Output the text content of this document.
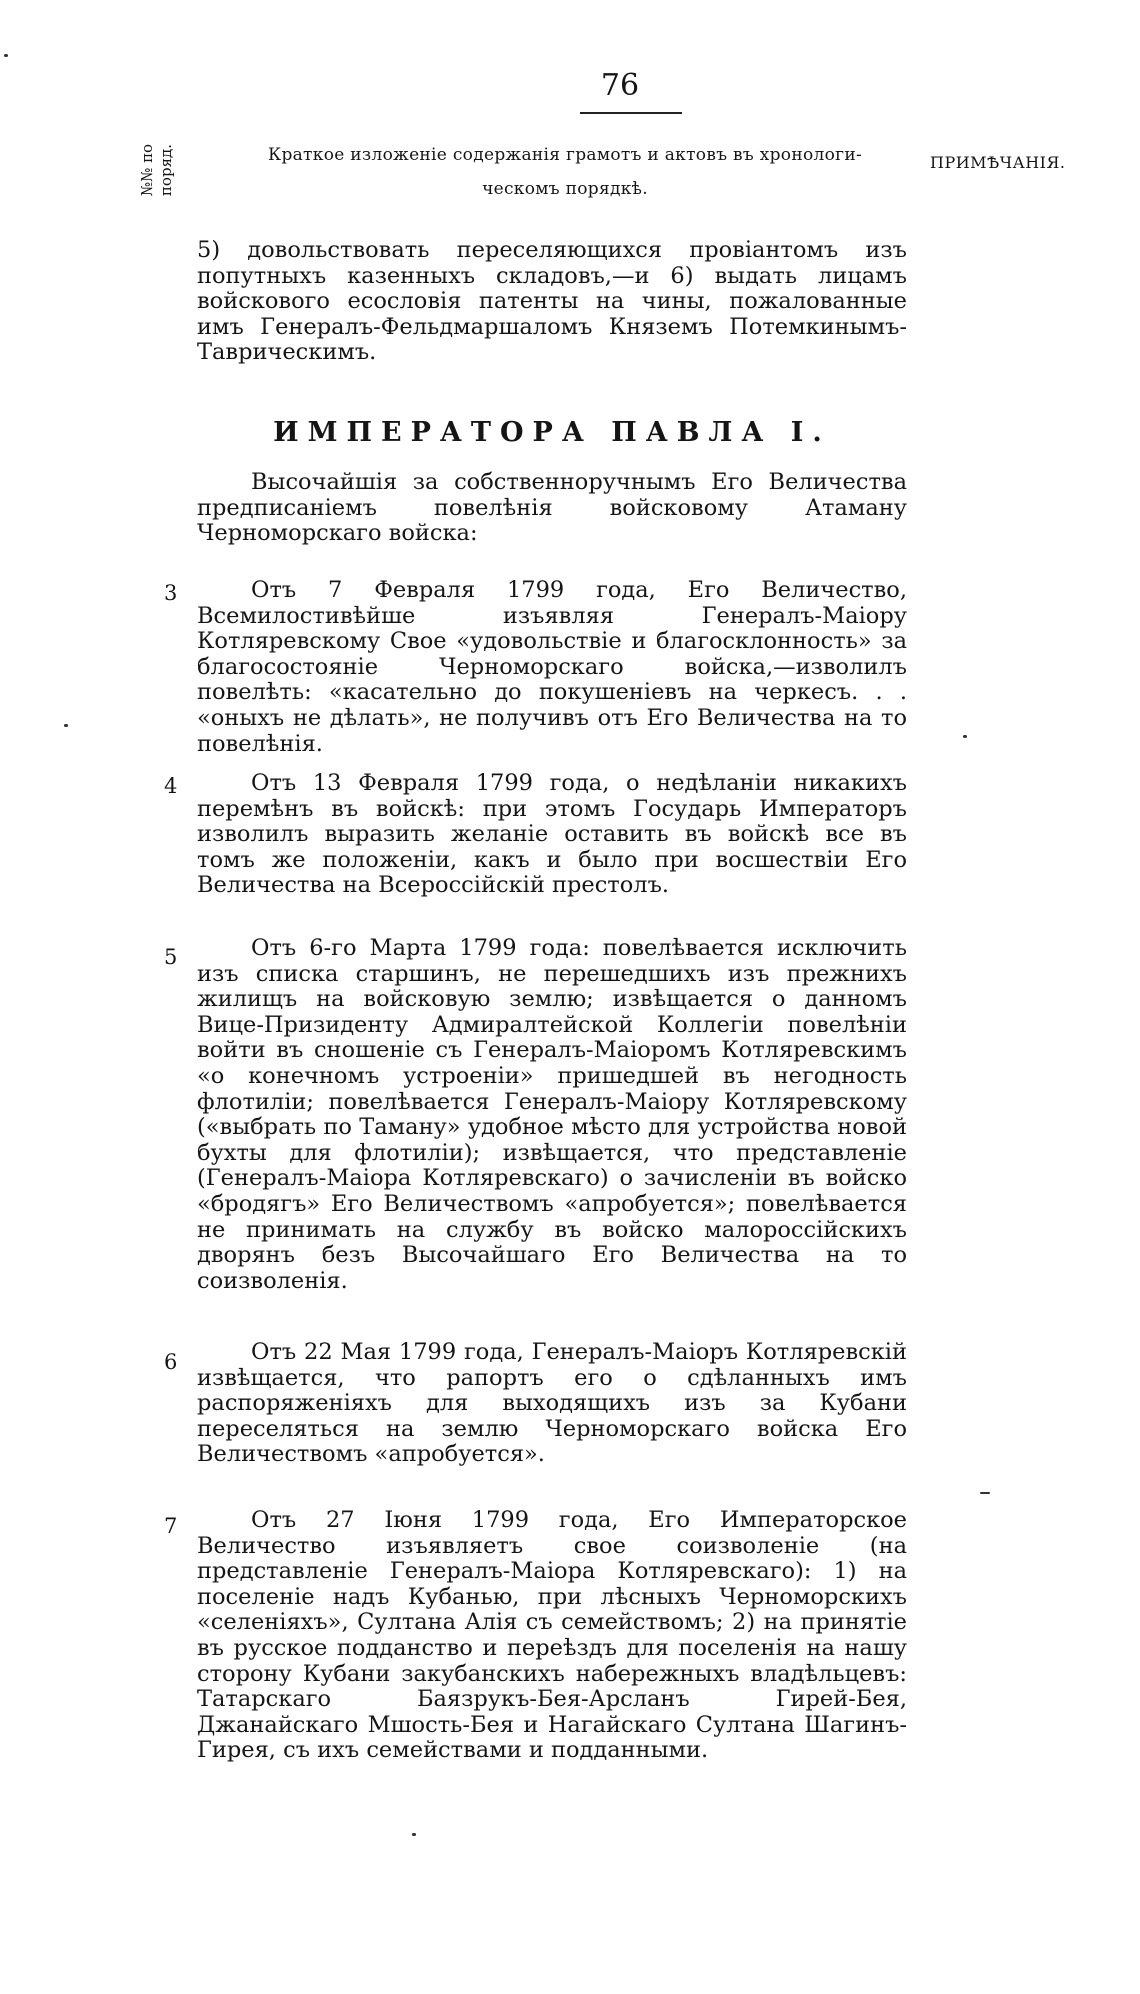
76
№№ по
поряд.	Краткое изложеніе содержанія грамотъ и актовъ въ хронологи-
ческомъ порядкѣ.
ПРИМѢЧАНІЯ.

5) довольствовать переселяющихся провіантомъ изъ попутныхъ казенныхъ складовъ,—и 6) выдать лицамъ войскового есословія патенты на чины, пожалованные имъ Генералъ-Фельдмаршаломъ Княземъ Потемкинымъ-Таврическимъ.

ИМПЕРАТОРА ПАВЛА I.

Высочайшія за собственноручнымъ Его Величества предписаніемъ повелѣнія войсковому Атаману Черноморскаго войска:

3	Отъ 7 Февраля 1799 года, Его Величество, Всемилостивѣйше изъявляя Генералъ-Маіору Котляревскому Свое «удовольствіе и благосклонность» за благосостояніе Черноморскаго войска,—изволилъ повелѣть: «касательно до покушеніевъ на черкесъ. . . «оныхъ не дѣлать», не получивъ отъ Его Величества на то повелѣнія.

4	Отъ 13 Февраля 1799 года, о недѣланіи никакихъ перемѣнъ въ войскѣ: при этомъ Государь Императоръ изволилъ выразить желаніе оставить въ войскѣ все въ томъ же положеніи, какъ и было при восшествіи Его Величества на Всероссійскій престолъ.

5	Отъ 6-го Марта 1799 года: повелѣвается исключить изъ списка старшинъ, не перешедшихъ изъ прежнихъ жилищъ на войсковую землю; извѣщается о данномъ Вице-Призиденту Адмиралтейской Коллегіи повелѣніи войти въ сношеніе съ Генералъ-Маіоромъ Котляревскимъ «о конечномъ устроеніи» пришедшей въ негодность флотиліи; повелѣвается Генералъ-Маіору Котляревскому («выбрать по Таману» удобное мѣсто для устройства новой бухты для флотиліи); извѣщается, что представленіе (Генералъ-Маіора Котляревскаго) о зачисленіи въ войско «бродягъ» Его Величествомъ «апробуется»; повелѣвается не принимать на службу въ войско малороссійскихъ дворянъ безъ Высочайшаго Его Величества на то соизволенія.

6	Отъ 22 Мая 1799 года, Генералъ-Маіоръ Котляревскій извѣщается, что рапортъ его о сдѣланныхъ имъ распоряженіяхъ для выходящихъ изъ за Кубани переселяться на землю Черноморскаго войска Его Величествомъ «апробуется».

7	Отъ 27 Іюня 1799 года, Его Императорское Величество изъявляетъ свое соизволеніе (на представленіе Генералъ-Маіора Котляревскаго): 1) на поселеніе надъ Кубанью, при лѣсныхъ Черноморскихъ «селеніяхъ», Султана Алія съ семействомъ; 2) на принятіе въ русское подданство и переѣздъ для поселенія на нашу сторону Кубани закубанскихъ набережныхъ владѣльцевъ: Татарскаго Баязрукъ-Бея-Арсланъ Гирей-Бея, Джанайскаго Мшость-Бея и Нагайскаго Султана Шагинъ-Гирея, съ ихъ семействами и подданными.
